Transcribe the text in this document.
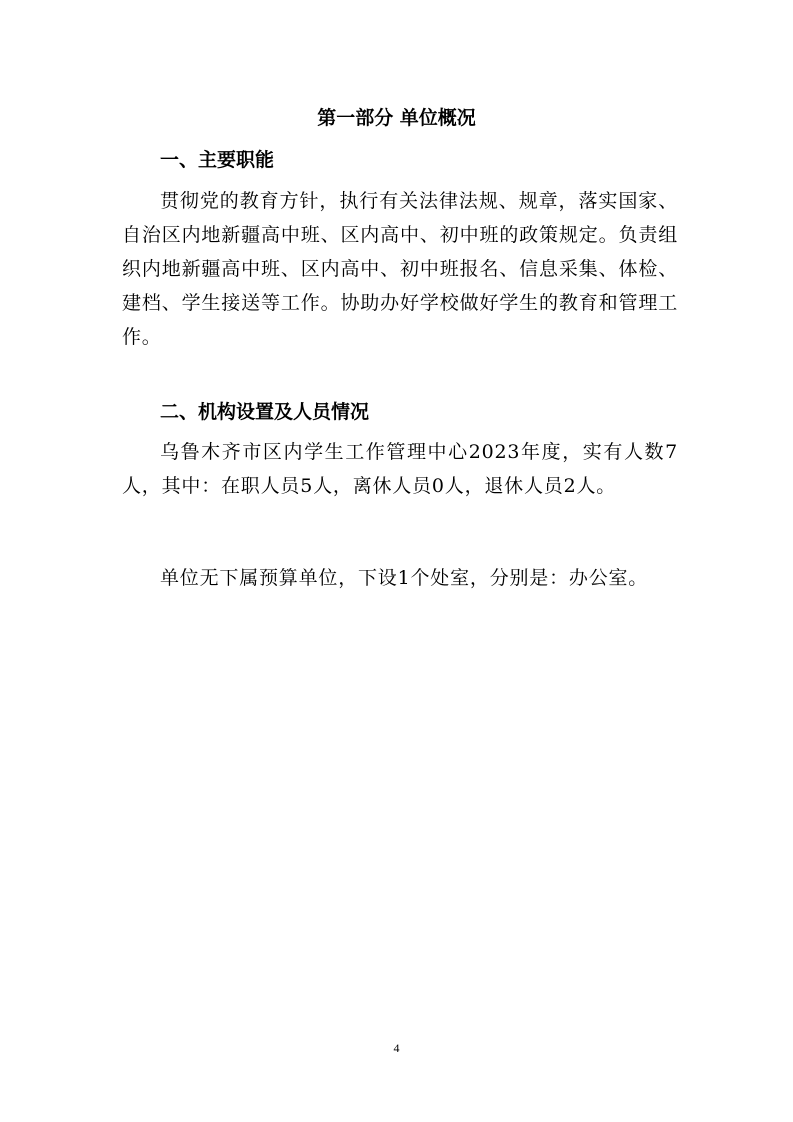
第一部分 单位概况
一、主要职能

贯彻党的教育方针，执行有关法律法规、规章，落实国家、自治区内地新疆高中班、区内高中、初中班的政策规定。负责组织内地新疆高中班、区内高中、初中班报名、信息采集、体检、建档、学生接送等工作。协助办好学校做好学生的教育和管理工作。

二、机构设置及人员情况

乌鲁木齐市区内学生工作管理中心2023年度，实有人数7人，其中：在职人员5人，离休人员0人，退休人员2人。

单位无下属预算单位，下设1个处室，分别是：办公室。

4
